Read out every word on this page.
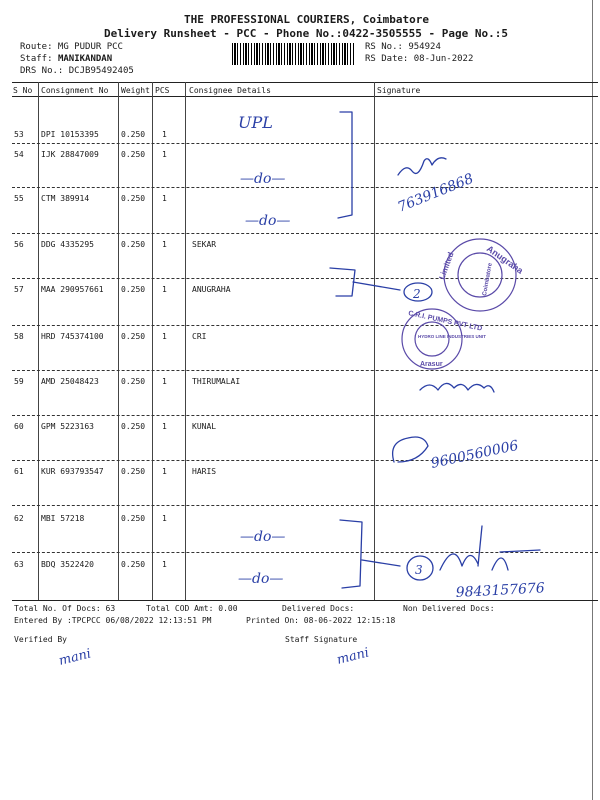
THE PROFESSIONAL COURIERS, Coimbatore
Delivery Runsheet - PCC - Phone No.:0422-3505555 - Page No.:5
Route: MG PUDUR PCC
Staff: MANIKANDAN
DRS No.: DCJB95492405
RS No.: 954924
RS Date: 08-Jun-2022
S No Consignment No Weight PCS Consignee Details	Signature
53 DPI 10153395	0.250 1
54 IJK 28847009	0.250 1
55 CTM 389914	0.250 1
56 DDG 4335295	0.250 1	SEKAR
57 MAA 290957661 0.250 1	ANUGRAHA
58 HRD 745374100 0.250 1	CRI
59 AMD 25048423	0.250 1	THIRUMALAI
60 GPM 5223163	0.250 1	KUNAL
61 KUR 693793547 0.250 1	HARIS
62 MBI 57218	0.250 1
63 BDQ 3522420	0.250 1
Total No. Of Docs: 63	Total COD Amt: 0.00	Delivered Docs:	Non Delivered Docs:
Entered By :TPCPCC 06/08/2022 12:13:51 PM	Printed On: 08-06-2022 12:15:18
Verified By	Staff Signature
UPL
—do—
—do—
—do—
—do—
2
3
763916868
9600560006
9843157676
mani	mani
Anugraha
Limited	Coimbatore
C.R.I. PUMPS PVT LTD
HYDRO LINE INDUSTRIES UNIT
Arasur
